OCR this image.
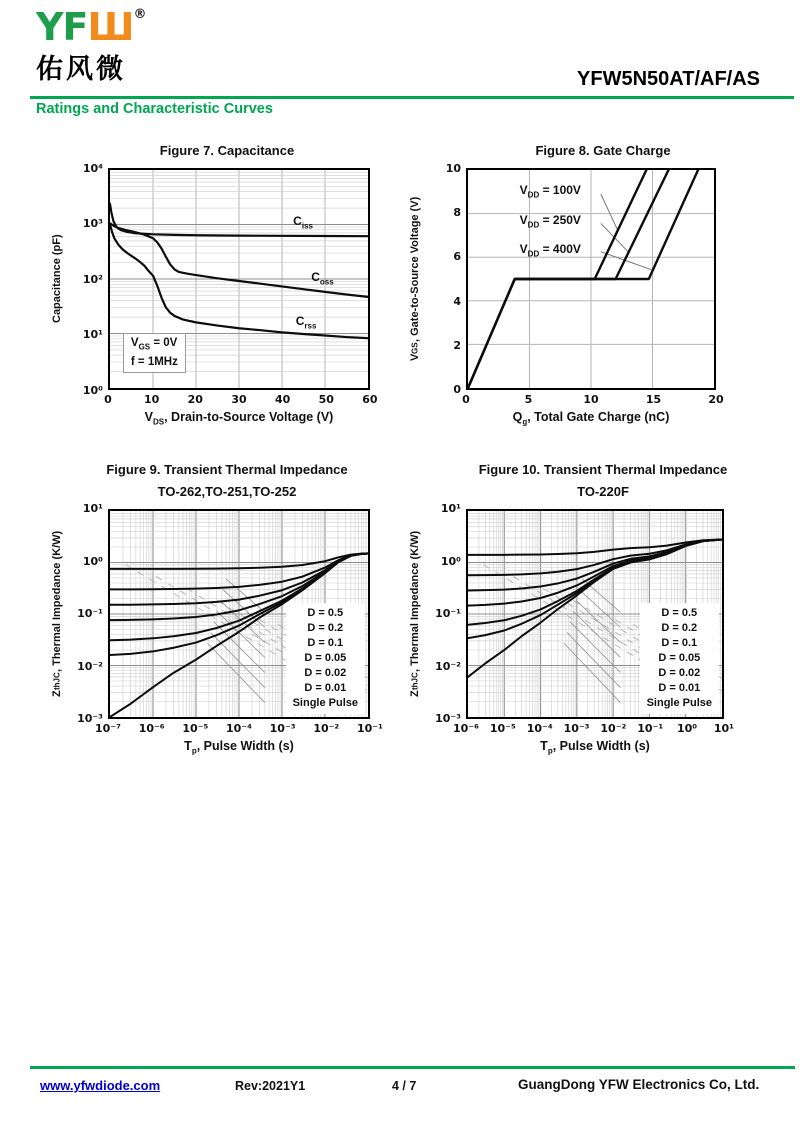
YFШ®
佑风微	YFW5N50AT/AF/AS
Ratings and Characteristic Curves
Figure 7. Capacitance
Capacitance (pF)
10⁴
10³
10²
10¹
10⁰
$C_{iss}$
$C_{oss}$
$C_{rss}$
$V_{GS} = 0V$
f = 1MHz
0	10	20	30	40	50	60
$V_{DS}$, Drain-to-Source Voltage (V)
Figure 8. Gate Charge
V
GS
, Gate-to-Source Voltage (V)
10
8
6
4
2
0
$V_{DD} = 100V$
$V_{DD} = 250V$
$V_{DD} = 400V$
0	5	10	15	20
$Q_g$, Total Gate Charge (nC)
Figure 9. Transient Thermal Impedance
TO-262,TO-251,TO-252
Z
thJC
, Thermal Impedance (K/W)
10¹
10⁰
10⁻¹
10⁻²
10⁻³
D = 0.5
D = 0.2
D = 0.1
D = 0.05
D = 0.02
D = 0.01
Single Pulse
10⁻⁷ 10⁻⁶ 10⁻⁵ 10⁻⁴ 10⁻³ 10⁻² 10⁻¹
$T_p$, Pulse Width (s)
Figure 10. Transient Thermal Impedance
TO-220F
Z
thJC
, Thermal Impedance (K/W)
10¹
10⁰
10⁻¹
10⁻²
10⁻³
D = 0.5
D = 0.2
D = 0.1
D = 0.05
D = 0.02
D = 0.01
Single Pulse
10⁻⁶ 10⁻⁵ 10⁻⁴ 10⁻³ 10⁻² 10⁻¹ 10⁰ 10¹
$T_p$, Pulse Width (s)
www.yfwdiode.com	Rev:2021Y1	4 / 7	GuangDong YFW Electronics Co, Ltd.
